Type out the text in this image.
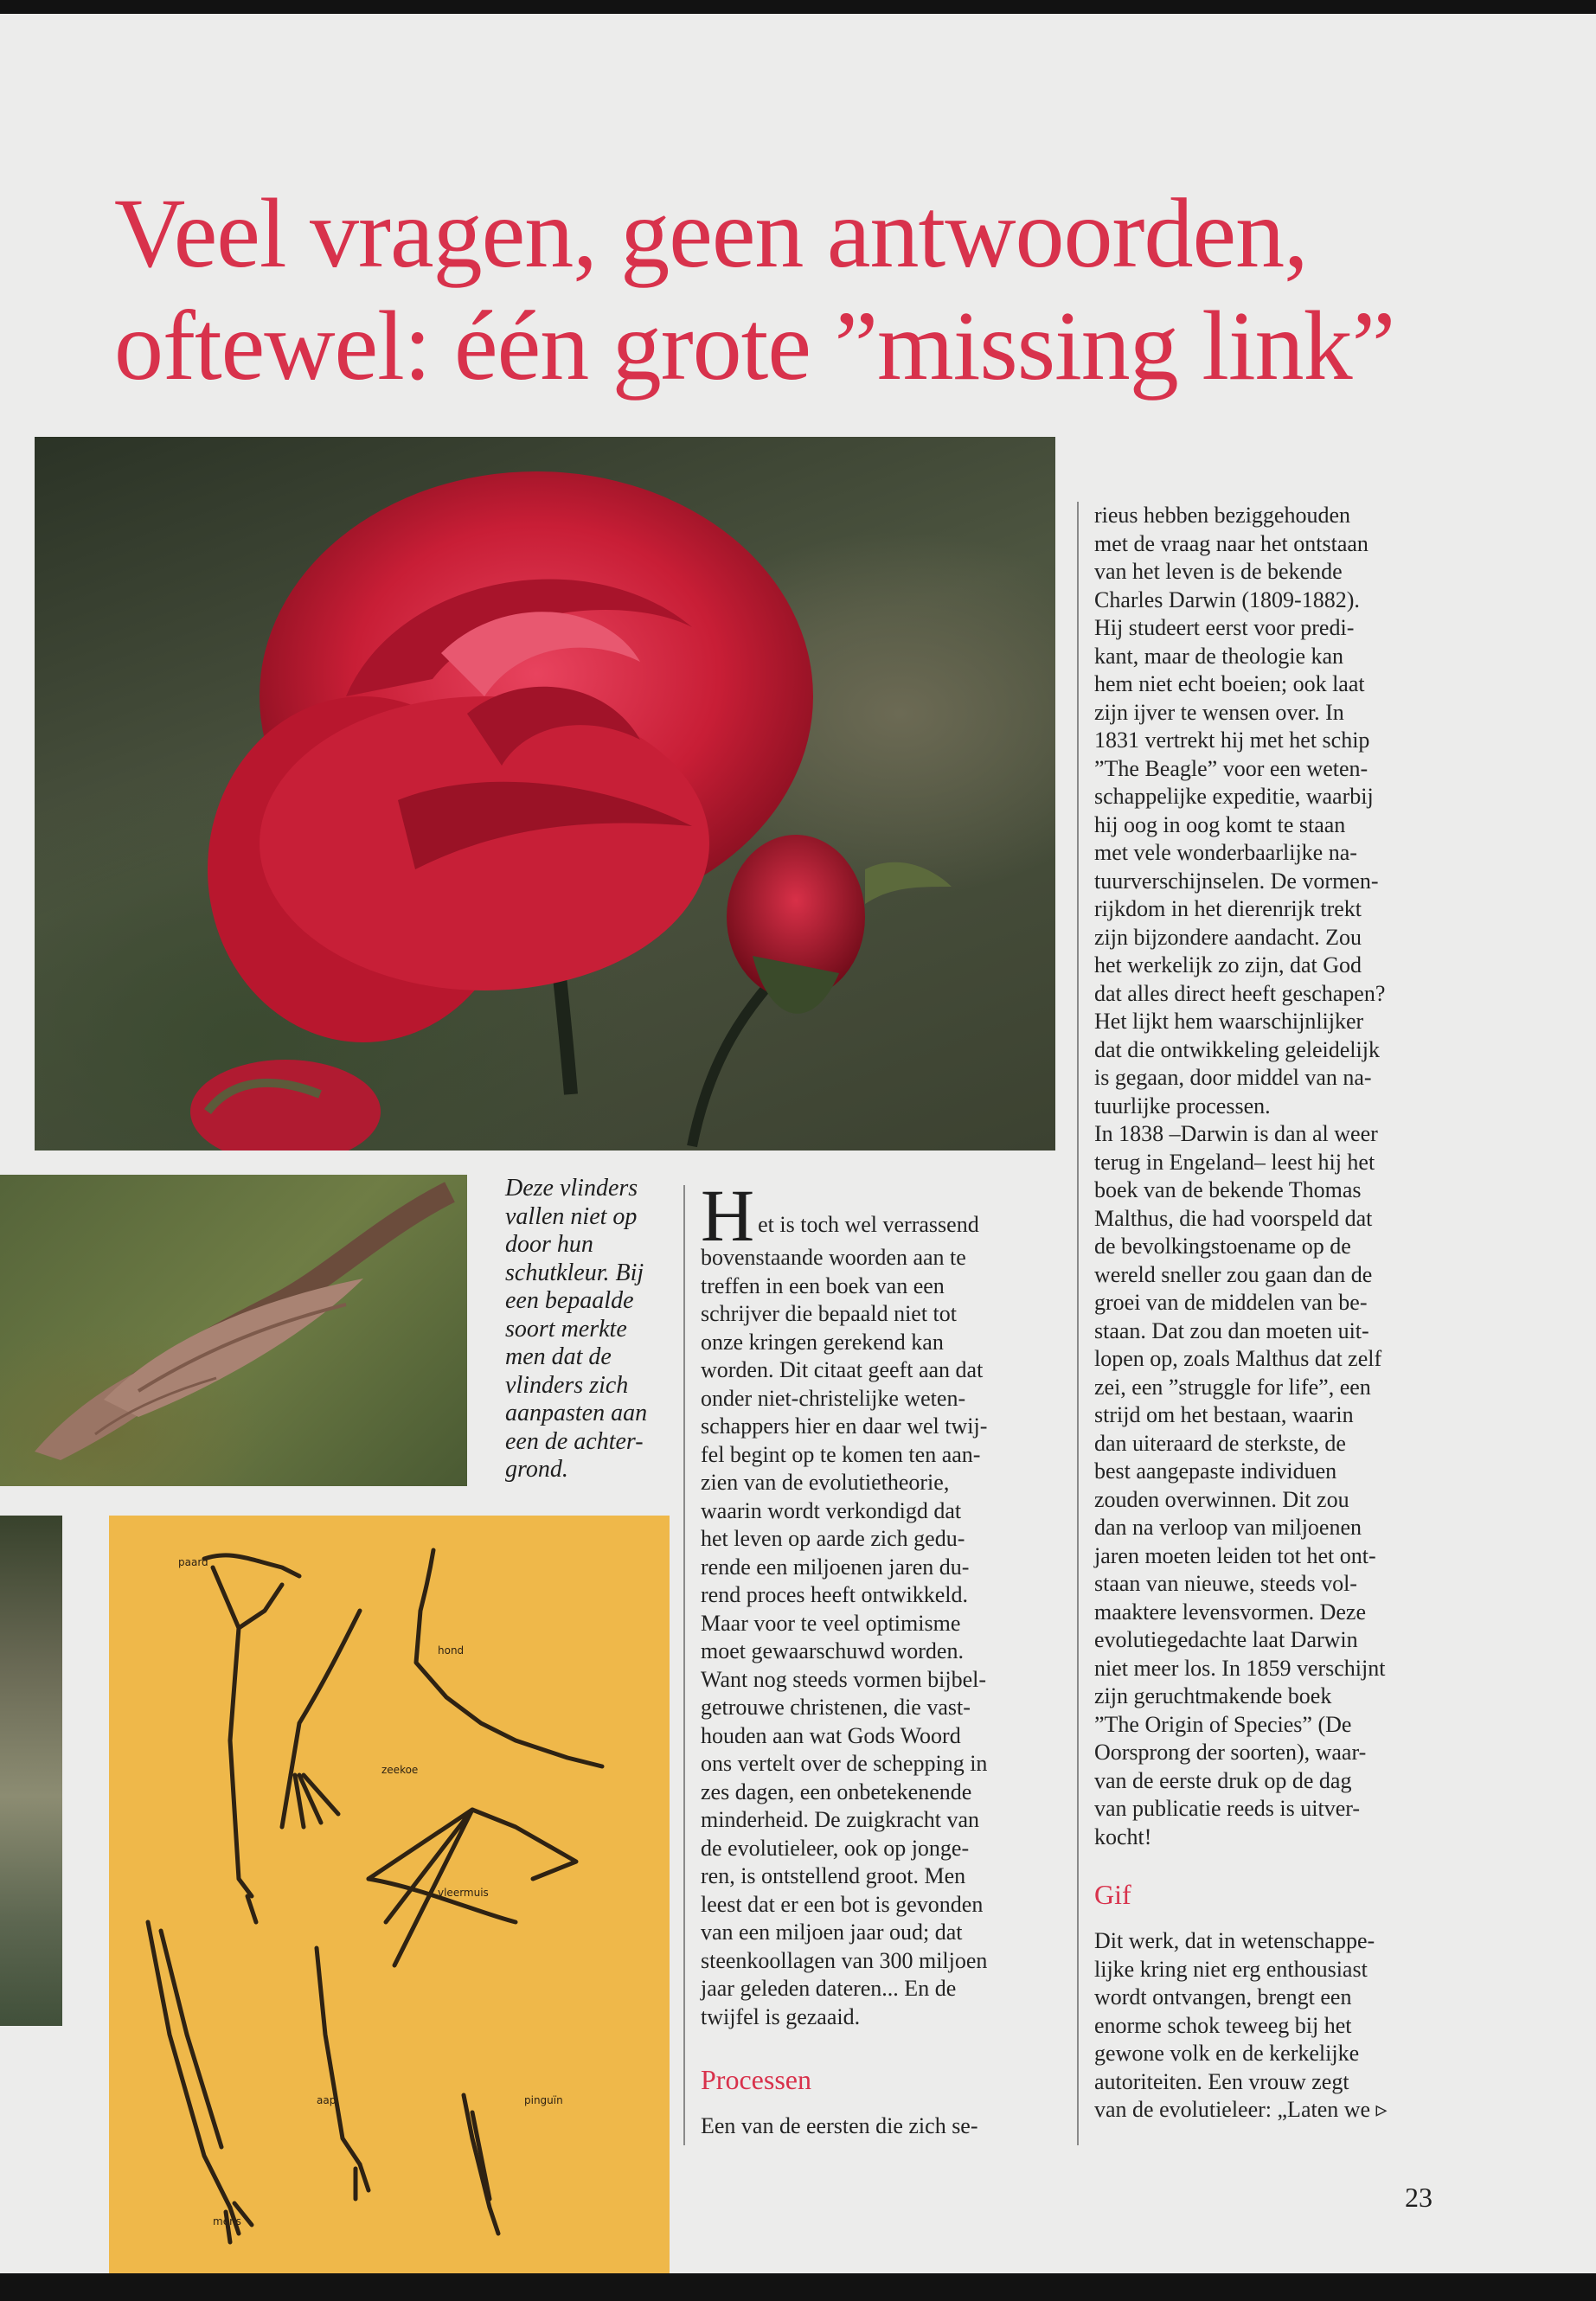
Veel vragen, geen antwoorden,
oftewel: één grote ”missing link”
paard
hond
zeekoe
vleermuis
aap	pinguïn
mens

Deze vlinders
vallen niet op
door hun
schutkleur. Bij
een bepaalde
soort merkte
men dat de
vlinders zich
aanpasten aan
een de achter-
grond.

H et is toch wel verrassend
bovenstaande woorden aan te
treffen in een boek van een
schrijver die bepaald niet tot
onze kringen gerekend kan
worden. Dit citaat geeft aan dat
onder niet-christelijke weten-
schappers hier en daar wel twij-
fel begint op te komen ten aan-
zien van de evolutietheorie,
waarin wordt verkondigd dat
het leven op aarde zich gedu-
rende een miljoenen jaren du-
rend proces heeft ontwikkeld.
Maar voor te veel optimisme
moet gewaarschuwd worden.
Want nog steeds vormen bijbel-
getrouwe christenen, die vast-
houden aan wat Gods Woord
ons vertelt over de schepping in
zes dagen, een onbetekenende
minderheid. De zuigkracht van
de evolutieleer, ook op jonge-
ren, is ontstellend groot. Men
leest dat er een bot is gevonden
van een miljoen jaar oud; dat
steenkoollagen van 300 miljoen
jaar geleden dateren... En de
twijfel is gezaaid.
Processen
Een van de eersten die zich se-
rieus hebben beziggehouden
met de vraag naar het ontstaan
van het leven is de bekende
Charles Darwin (1809-1882).
Hij studeert eerst voor predi-
kant, maar de theologie kan
hem niet echt boeien; ook laat
zijn ijver te wensen over. In
1831 vertrekt hij met het schip
”The Beagle” voor een weten-
schappelijke expeditie, waarbij
hij oog in oog komt te staan
met vele wonderbaarlijke na-
tuurverschijnselen. De vormen-
rijkdom in het dierenrijk trekt
zijn bijzondere aandacht. Zou
het werkelijk zo zijn, dat God
dat alles direct heeft geschapen?
Het lijkt hem waarschijnlijker
dat die ontwikkeling geleidelijk
is gegaan, door middel van na-
tuurlijke processen.
In 1838 –Darwin is dan al weer
terug in Engeland– leest hij het
boek van de bekende Thomas
Malthus, die had voorspeld dat
de bevolkingstoename op de
wereld sneller zou gaan dan de
groei van de middelen van be-
staan. Dat zou dan moeten uit-
lopen op, zoals Malthus dat zelf
zei, een ”struggle for life”, een
strijd om het bestaan, waarin
dan uiteraard de sterkste, de
best aangepaste individuen
zouden overwinnen. Dit zou
dan na verloop van miljoenen
jaren moeten leiden tot het ont-
staan van nieuwe, steeds vol-
maaktere levensvormen. Deze
evolutiegedachte laat Darwin
niet meer los. In 1859 verschijnt
zijn geruchtmakende boek
”The Origin of Species” (De
Oorsprong der soorten), waar-
van de eerste druk op de dag
van publicatie reeds is uitver-
kocht!
Gif
Dit werk, dat in wetenschappe-
lijke kring niet erg enthousiast
wordt ontvangen, brengt een
enorme schok teweeg bij het
gewone volk en de kerkelijke
autoriteiten. Een vrouw zegt
van de evolutieleer: „Laten we ▹
23
